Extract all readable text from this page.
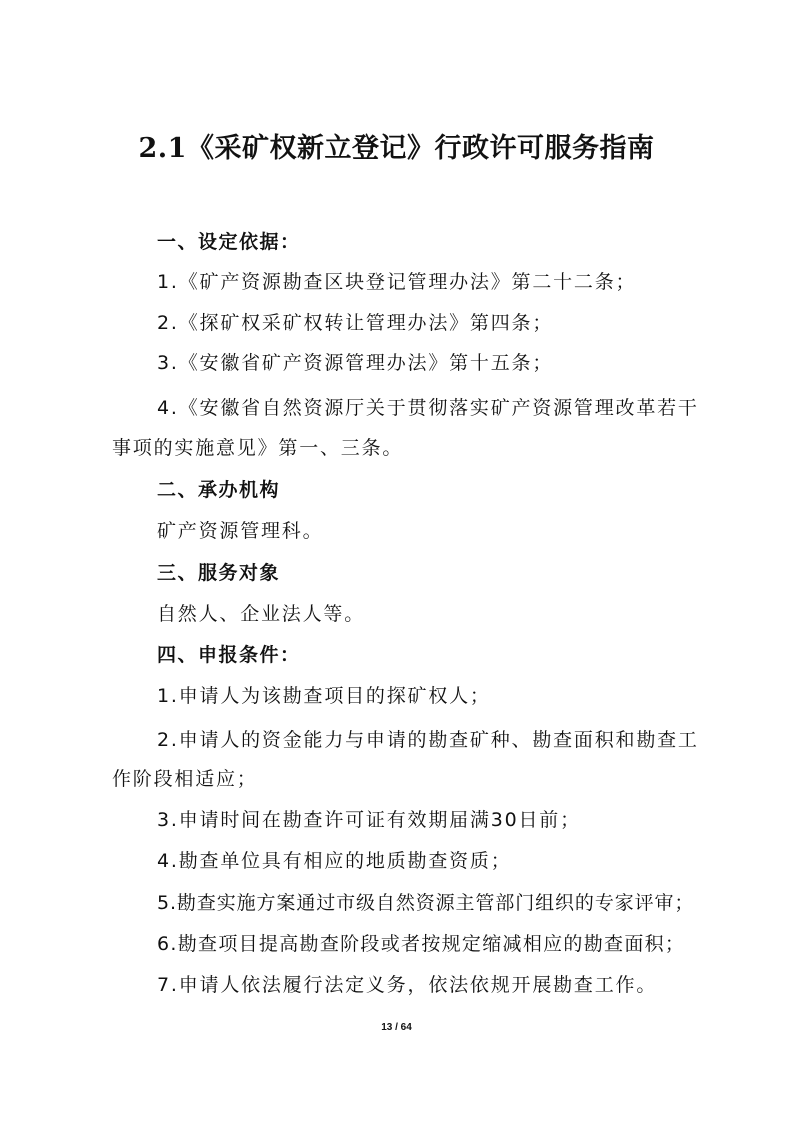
2.1《采矿权新立登记》行政许可服务指南
一、设定依据：
1.《矿产资源勘查区块登记管理办法》第二十二条；
2.《探矿权采矿权转让管理办法》第四条；
3.《安徽省矿产资源管理办法》第十五条；
4.《安徽省自然资源厅关于贯彻落实矿产资源管理改革若干
事项的实施意见》第一、三条。
二、承办机构
矿产资源管理科。
三、服务对象
自然人、企业法人等。
四、申报条件：
1.申请人为该勘查项目的探矿权人；
2.申请人的资金能力与申请的勘查矿种、勘查面积和勘查工
作阶段相适应；
3.申请时间在勘查许可证有效期届满30日前；
4.勘查单位具有相应的地质勘查资质；
5.勘查实施方案通过市级自然资源主管部门组织的专家评审；
6.勘查项目提高勘查阶段或者按规定缩减相应的勘查面积；
7.申请人依法履行法定义务，依法依规开展勘查工作。
13 / 64
